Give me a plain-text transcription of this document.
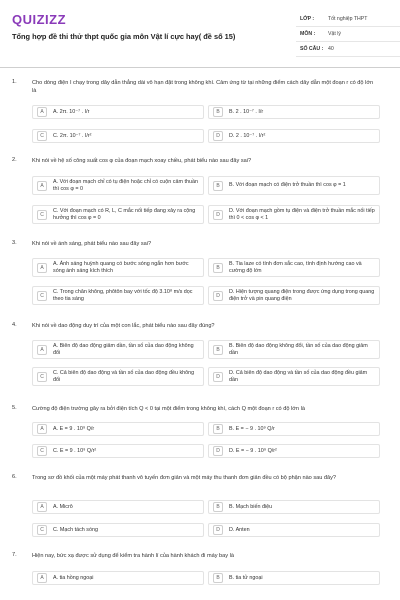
QUIZIZZ
Tổng hợp đề thi thử thpt quốc gia môn Vật lí cực hay( đề số 15)
LỚP :	Tốt nghiệp THPT
MÔN :	Vật lý
SỐ CÂU : 40
1.	Cho dòng điện I chạy trong dây dẫn thẳng dài vô hạn đặt trong không khí. Cảm ứng từ tại những điểm cách dây dẫn một đoạn r có độ lớn là
A	A. 2π. 10⁻⁷ . I/r	B	B. 2 . 10⁻⁷ . I/r
C	C. 2π. 10⁻⁷ . I/r²	D	D. 2 . 10⁻⁷ . I/r²
2.	Khi nói về hệ số công suất cos φ của đoạn mạch xoay chiều, phát biểu nào sau đây sai?
A
A. Với đoạn mạch chỉ có tụ điện hoặc chỉ có cuộn cảm thuần thì cos φ = 0	B	B. Với đoạn mạch có điện trở thuần thì cos φ = 1
C
C. Với đoạn mạch có R, L, C mắc nối tiếp đang xảy ra cộng hưởng thì cos φ = 0	D
D. Với đoạn mạch gồm tụ điện và điện trở thuần mắc nối tiếp thì 0 < cos φ < 1
3.	Khi nói về ánh sáng, phát biểu nào sau đây sai?
A
A. Ánh sáng huỳnh quang có bước sóng ngắn hơn bước sóng ánh sáng kích thích	B
B. Tia laze có tính đơn sắc cao, tính định hướng cao và cường độ lớn
C
C. Trong chân không, phôtôn bay với tốc độ 3.10⁸ m/s dọc theo tia sáng	D
D. Hiện tượng quang điện trong được ứng dụng trong quang điện trở và pin quang điện
4.	Khi nói về dao động duy trì của một con lắc, phát biểu nào sau đây đúng?
A
A. Biên độ dao động giảm dần, tần số của dao động không đổi	B
B. Biên độ dao động không đổi, tần số của dao động giảm dần
C
C. Cả biên độ dao động và tần số của dao động đều không đổi	D
D. Cả biên độ dao động và tần số của dao động đều giảm dần
5.	Cường độ điện trường gây ra bởi điện tích Q < 0 tại một điểm trong không khí, cách Q một đoạn r có độ lớn là
A	A. E = 9 . 10⁹ Q/r	B	B. E = − 9 . 10⁹ Q/r
C	C. E = 9 . 10⁹ Q/r²	D	D. E = − 9 . 10⁹ Q/r²
6.	Trong sơ đồ khối của một máy phát thanh vô tuyến đơn giản và một máy thu thanh đơn giản đều có bộ phận nào sau đây?
A	A. Micrô	B	B. Mạch biến điệu
C	C. Mạch tách sóng	D	D. Anten
7.	Hiện nay, bức xạ được sử dụng để kiểm tra hành lí của hành khách đi máy bay là
A	A. tia hồng ngoại	B	B. tia tử ngoại
